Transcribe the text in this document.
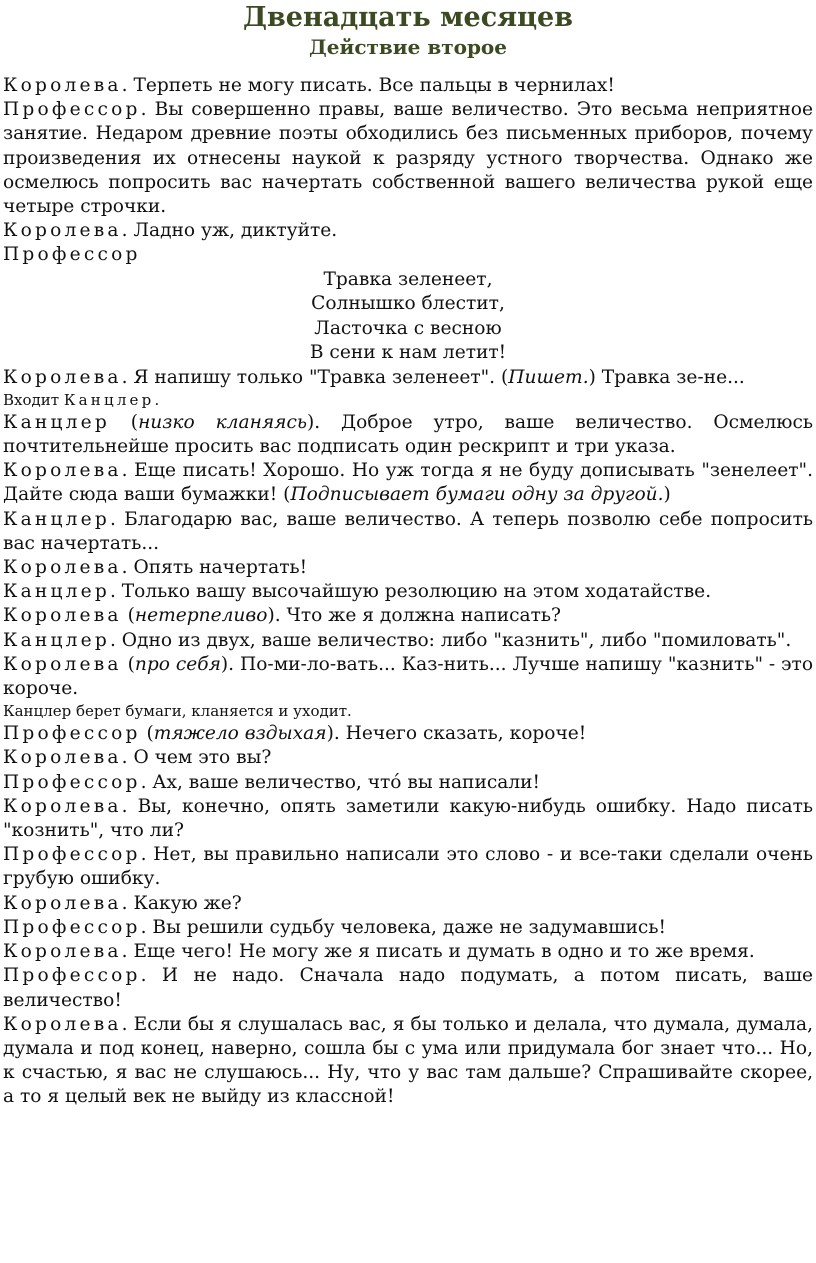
Двенадцать месяцев
Действие второе

Королева. Терпеть не могу писать. Все пальцы в чернилах!

Профессор. Вы совершенно правы, ваше величество. Это весьма неприятное занятие. Недаром древние поэты обходились без письменных приборов, почему произведения их отнесены наукой к разряду устного творчества. Однако же осмелюсь попросить вас начертать собственной вашего величества рукой еще четыре строчки.

Королева. Ладно уж, диктуйте.

Профессор

Травка зеленеет,
Солнышко блестит,
Ласточка с весною
В сени к нам летит!

Королева. Я напишу только "Травка зеленеет". (Пишет.) Травка зе-не...

Входит Канцлер.

Канцлер (низко кланяясь). Доброе утро, ваше величество. Осмелюсь почтительнейше просить вас подписать один рескрипт и три указа.

Королева. Еще писать! Хорошо. Но уж тогда я не буду дописывать "зенелеет". Дайте сюда ваши бумажки! (Подписывает бумаги одну за другой.)

Канцлер. Благодарю вас, ваше величество. А теперь позволю себе попросить вас начертать...

Королева. Опять начертать!

Канцлер. Только вашу высочайшую резолюцию на этом ходатайстве.

Королева (нетерпеливо). Что же я должна написать?

Канцлер. Одно из двух, ваше величество: либо "казнить", либо "помиловать".

Королева (про себя). По-ми-ло-вать... Каз-нить... Лучше напишу "казнить" - это короче.

Канцлер берет бумаги, кланяется и уходит.

Профессор (тяжело вздыхая). Нечего сказать, короче!

Королева. О чем это вы?

Профессор. Ах, ваше величество, что́ вы написали!

Королева. Вы, конечно, опять заметили какую-нибудь ошибку. Надо писать "кознить", что ли?

Профессор. Нет, вы правильно написали это слово - и все-таки сделали очень грубую ошибку.

Королева. Какую же?

Профессор. Вы решили судьбу человека, даже не задумавшись!

Королева. Еще чего! Не могу же я писать и думать в одно и то же время.

Профессор. И не надо. Сначала надо подумать, а потом писать, ваше величество!

Королева. Если бы я слушалась вас, я бы только и делала, что думала, думала, думала и под конец, наверно, сошла бы с ума или придумала бог знает что... Но, к счастью, я вас не слушаюсь... Ну, что у вас там дальше? Спрашивайте скорее, а то я целый век не выйду из классной!
